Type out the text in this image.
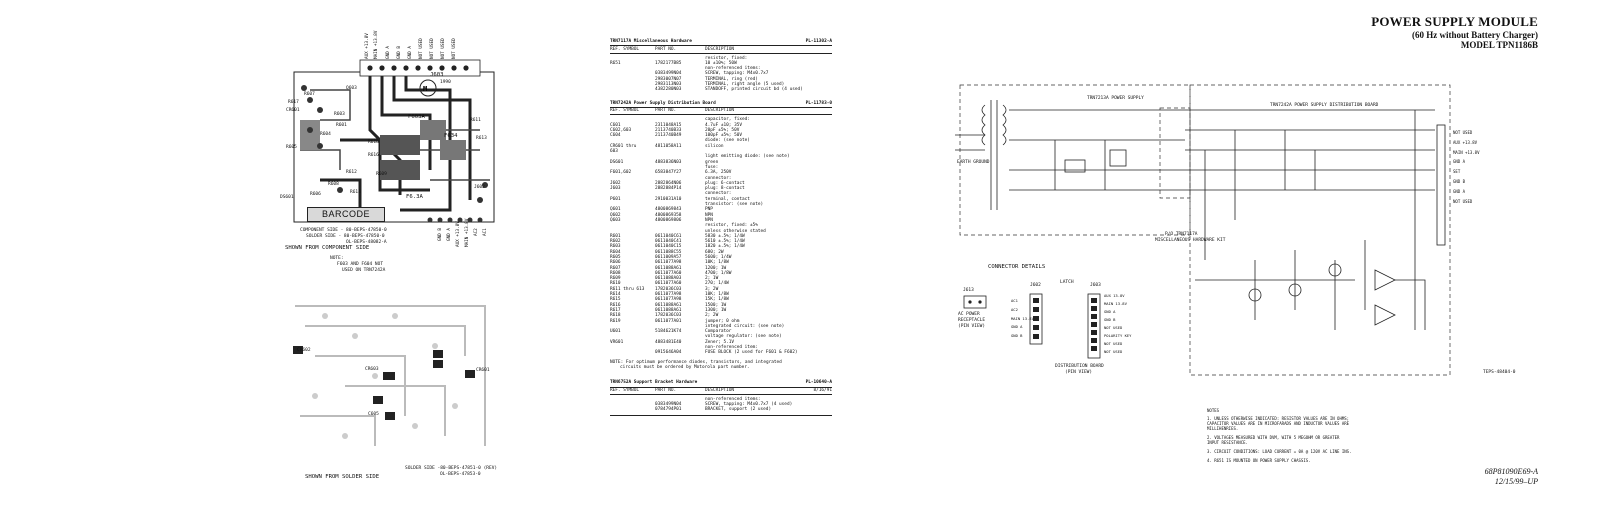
POWER SUPPLY MODULE
(60 Hz without Battery Charger)
MODEL TPN1186B
68P81090E69-A
12/15/99–UP
M
AUX +13.8V MAIN +13.8V GND A GND B GND A NOT USED NOT USED NOT USED NOT USED
J603
Q603
R607
R617
CR601
R603
R601
R604
R605
F603A
R611
R613
R618
R616
R609
F634
J602
F6.3A
R612
R606
DS601
R614
R608
1990
GND B GND A AUX +13.8V MAIN +13.8V AC2 AC1
BARCODE
COMPONENT SIDE - 80-BEPS-47850-0
SOLDER SIDE - 80-BEPS-47850-0
OL-BEPS-48082-A
SHOWN FROM COMPONENT SIDE
NOTE:
F603 AND F604 NOT
USED ON TRN7242A
CR602
CR603	CR601
C605
SOLDER SIDE -80-BEPS-47851-0 (REV)
OL-BEPS-47853-0
SHOWN FROM SOLDER SIDE
TRN7117A Miscellaneous Hardware	PL-11302-A
REF. SYMBOL	PART NO.	DESCRIPTION
resistor, fixed:
R651	1782177B85	10 ±10%; 50W
non-referenced items:
0383499N04	SCREW, tapping: M4x0.7x7
2983007N07	TERMINAL, ring (red)
2983113N03	TERMINAL, right angle (5 used)
4382280N03	STANDOFF, printed circuit bd (4 used)
TRN7242A Power Supply Distribution Board	PL-11783-0
REF. SYMBOL	PART NO.	DESCRIPTION
capacitor, fixed:
C601	2311048A15	4.7uF ±10; 35V
C602,603	2113740B33	20pF ±5%; 50V
C604	2113740B49	100pF ±5%; 50V
diode: (see note)
CR601 thru	4811058A11	silicon
603
light emitting diode: (see note)
DS601	4883836N03	green
fuse:
F601,602	6583847Y27	6.3A, 250V
connector:
J602	2882864N06	plug: 6-contact
J603	2882884P14	plug: 8-contact
connector:
P601	2910031A10	terminal, contact
transistor: (see note)
Q601	4800869843	PNP
Q602	4800869358	NPN
Q603	4800869806	NPN
resistor, fixed: ±5%
unless otherwise stated
R601	0611040C61	5830 ±.5%; 1/4W
R602	0611040C41	5610 ±.5%; 1/4W
R603	0611040C15	1820 ±.5%; 1/4W
R604	0611088C55	680; 2W
R605	0611009A57	5600; 1/4W
R606	0611077A98	10K; 1/8W
R607	0611088A61	1200; 1W
R608	0611077A60	4700; 1/8W
R609	0611088A03	2; 1W
R610	0611077A60	270; 1/4W
R611 thru 613	1782036C03	3; 2W
R614	0611077A98	10K; 1/8W
R615	0611077A98	15K; 1/8W
R616	0611088A61	1500; 1W
R617	0611088A61	1300; 1W
R618	1782036C03	2; 2W
R619	0611077A01	jumper; 0 ohm
integrated circuit: (see note)
U601	5184621K74	Comparator
voltage regulator: (see note)
VR601	4883481E40	Zener; 5.1V
non-referenced item:
0915646A04	FUSE BLOCK (2 used for F601 & F602)
NOTE: For optimum performance diodes, transistors, and integrated
circuits must be ordered by Motorola part number.
TRN6752A Support Bracket Hardware	PL-10640-A
REF. SYMBOL	PART NO.	DESCRIPTION	8/16/91
non-referenced items:
0383499N04	SCREW, tapping: M4x0.7x7 (4 used)
0784794P01	BRACKET, support (2 used)
TRN7213A POWER SUPPLY
TRN7242A POWER SUPPLY DISTRIBUTION BOARD
P/O TRN7117A
MISCELLANEOUS HARDWARE KIT
EARTH GROUND
NOT USED
AUX +13.8V
MAIN +13.8V
GND A
SET
GND B
GND A
NOT USED
CONNECTOR DETAILS
LATCH
J602	J603
J613
AC1
AC2
MAIN 13.8V
GND A
GND B
AUX 13.8V
MAIN 13.8V
GND A
GND B
NOT USED
POLARITY KEY
NOT USED
NOT USED
AC POWER
RECEPTACLE
(PIN VIEW)
DISTRIBUTION BOARD
(PIN VIEW)	TEPS-48404-0
NOTES
1. UNLESS OTHERWISE INDICATED: RESISTOR VALUES ARE IN OHMS;
CAPACITOR VALUES ARE IN MICROFARADS AND INDUCTOR VALUES ARE
MILLIHENRIES.
2. VOLTAGES MEASURED WITH DVM, WITH 5 MEGOHM OR GREATER
INPUT RESISTANCE.
3. CIRCUIT CONDITIONS: LOAD CURRENT = 0A @ 120V AC LINE INS.
4. R651 IS MOUNTED ON POWER SUPPLY CHASSIS.
